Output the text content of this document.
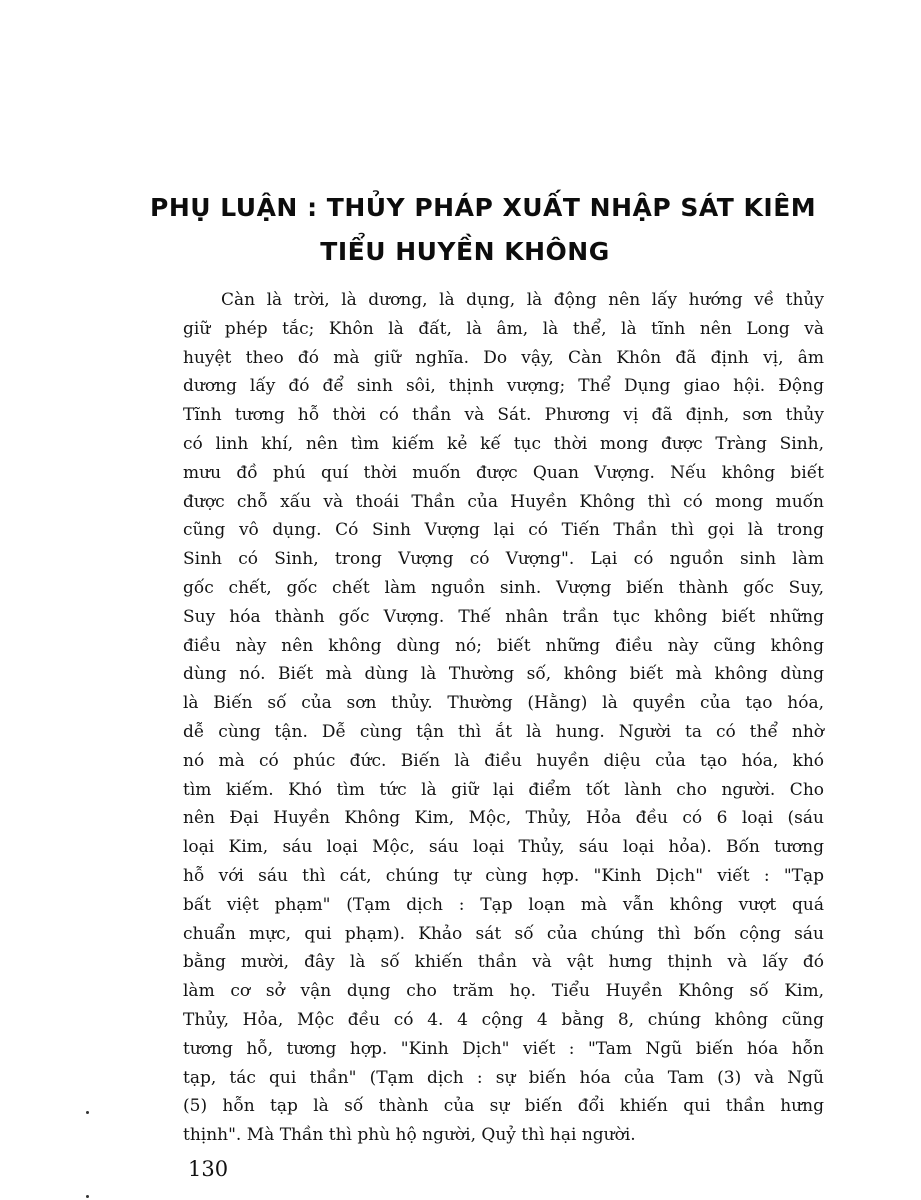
PHỤ LUẬN : THỦY PHÁP XUẤT NHẬP SÁT KIÊM
TIỂU HUYỀN KHÔNG
Càn là trời, là dương, là dụng, là động nên lấy hướng về thủy
giữ phép tắc; Khôn là đất, là âm, là thể, là tĩnh nên Long và
huyệt theo đó mà giữ nghĩa. Do vậy, Càn Khôn đã định vị, âm
dương lấy đó để sinh sôi, thịnh vượng; Thể Dụng giao hội. Động
Tĩnh tương hỗ thời có thần và Sát. Phương vị đã định, sơn thủy
có linh khí, nên tìm kiếm kẻ kế tục thời mong được Tràng Sinh,
mưu đồ phú quí thời muốn được Quan Vượng. Nếu không biết
được chỗ xấu và thoái Thần của Huyền Không thì có mong muốn
cũng vô dụng. Có Sinh Vượng lại có Tiến Thần thì gọi là trong
Sinh có Sinh, trong Vượng có Vượng". Lại có nguồn sinh làm
gốc chết, gốc chết làm nguồn sinh. Vượng biến thành gốc Suy,
Suy hóa thành gốc Vượng. Thế nhân trần tục không biết những
điều này nên không dùng nó; biết những điều này cũng không
dùng nó. Biết mà dùng là Thường số, không biết mà không dùng
là Biến số của sơn thủy. Thường (Hằng) là quyền của tạo hóa,
dễ cùng tận. Dễ cùng tận thì ắt là hung. Người ta có thể nhờ
nó mà có phúc đức. Biến là điều huyền diệu của tạo hóa, khó
tìm kiếm. Khó tìm tức là giữ lại điểm tốt lành cho người. Cho
nên Đại Huyền Không Kim, Mộc, Thủy, Hỏa đều có 6 loại (sáu
loại Kim, sáu loại Mộc, sáu loại Thủy, sáu loại hỏa). Bốn tương
hỗ với sáu thì cát, chúng tự cùng hợp. "Kinh Dịch" viết : "Tạp
bất việt phạm" (Tạm dịch : Tạp loạn mà vẫn không vượt quá
chuẩn mực, qui phạm). Khảo sát số của chúng thì bốn cộng sáu
bằng mười, đây là số khiến thần và vật hưng thịnh và lấy đó
làm cơ sở vận dụng cho trăm họ. Tiểu Huyền Không số Kim,
Thủy, Hỏa, Mộc đều có 4. 4 cộng 4 bằng 8, chúng không cũng
tương hỗ, tương hợp. "Kinh Dịch" viết : "Tam Ngũ biến hóa hỗn
tạp, tác qui thần" (Tạm dịch : sự biến hóa của Tam (3) và Ngũ
(5) hỗn tạp là số thành của sự biến đổi khiến qui thần hưng
thịnh". Mà Thần thì phù hộ người, Quỷ thì hại người.
130
